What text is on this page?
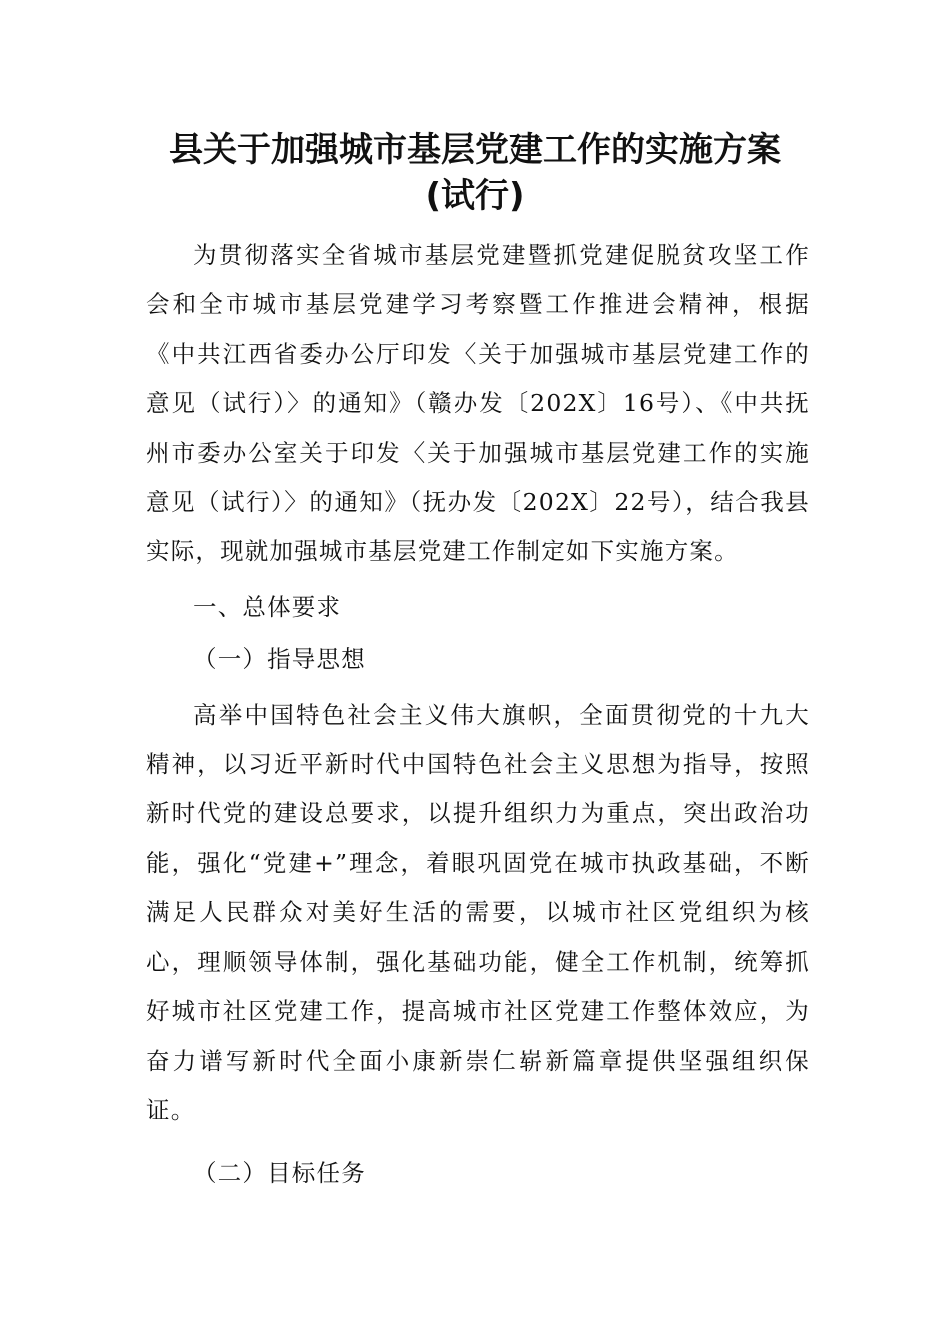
县关于加强城市基层党建工作的实施方案
(试行)

为贯彻落实全省城市基层党建暨抓党建促脱贫攻坚工作会和全市城市基层党建学习考察暨工作推进会精神，根据《中共江西省委办公厅印发〈关于加强城市基层党建工作的意见（试行）〉的通知》（赣办发〔202X〕16号）、《中共抚州市委办公室关于印发〈关于加强城市基层党建工作的实施意见（试行）〉的通知》（抚办发〔202X〕22号），结合我县实际，现就加强城市基层党建工作制定如下实施方案。

一、总体要求

（一）指导思想

高举中国特色社会主义伟大旗帜，全面贯彻党的十九大精神，以习近平新时代中国特色社会主义思想为指导，按照新时代党的建设总要求，以提升组织力为重点，突出政治功能，强化“党建+”理念，着眼巩固党在城市执政基础，不断满足人民群众对美好生活的需要，以城市社区党组织为核心，理顺领导体制，强化基础功能，健全工作机制，统筹抓好城市社区党建工作，提高城市社区党建工作整体效应，为奋力谱写新时代全面小康新崇仁崭新篇章提供坚强组织保证。

（二）目标任务
